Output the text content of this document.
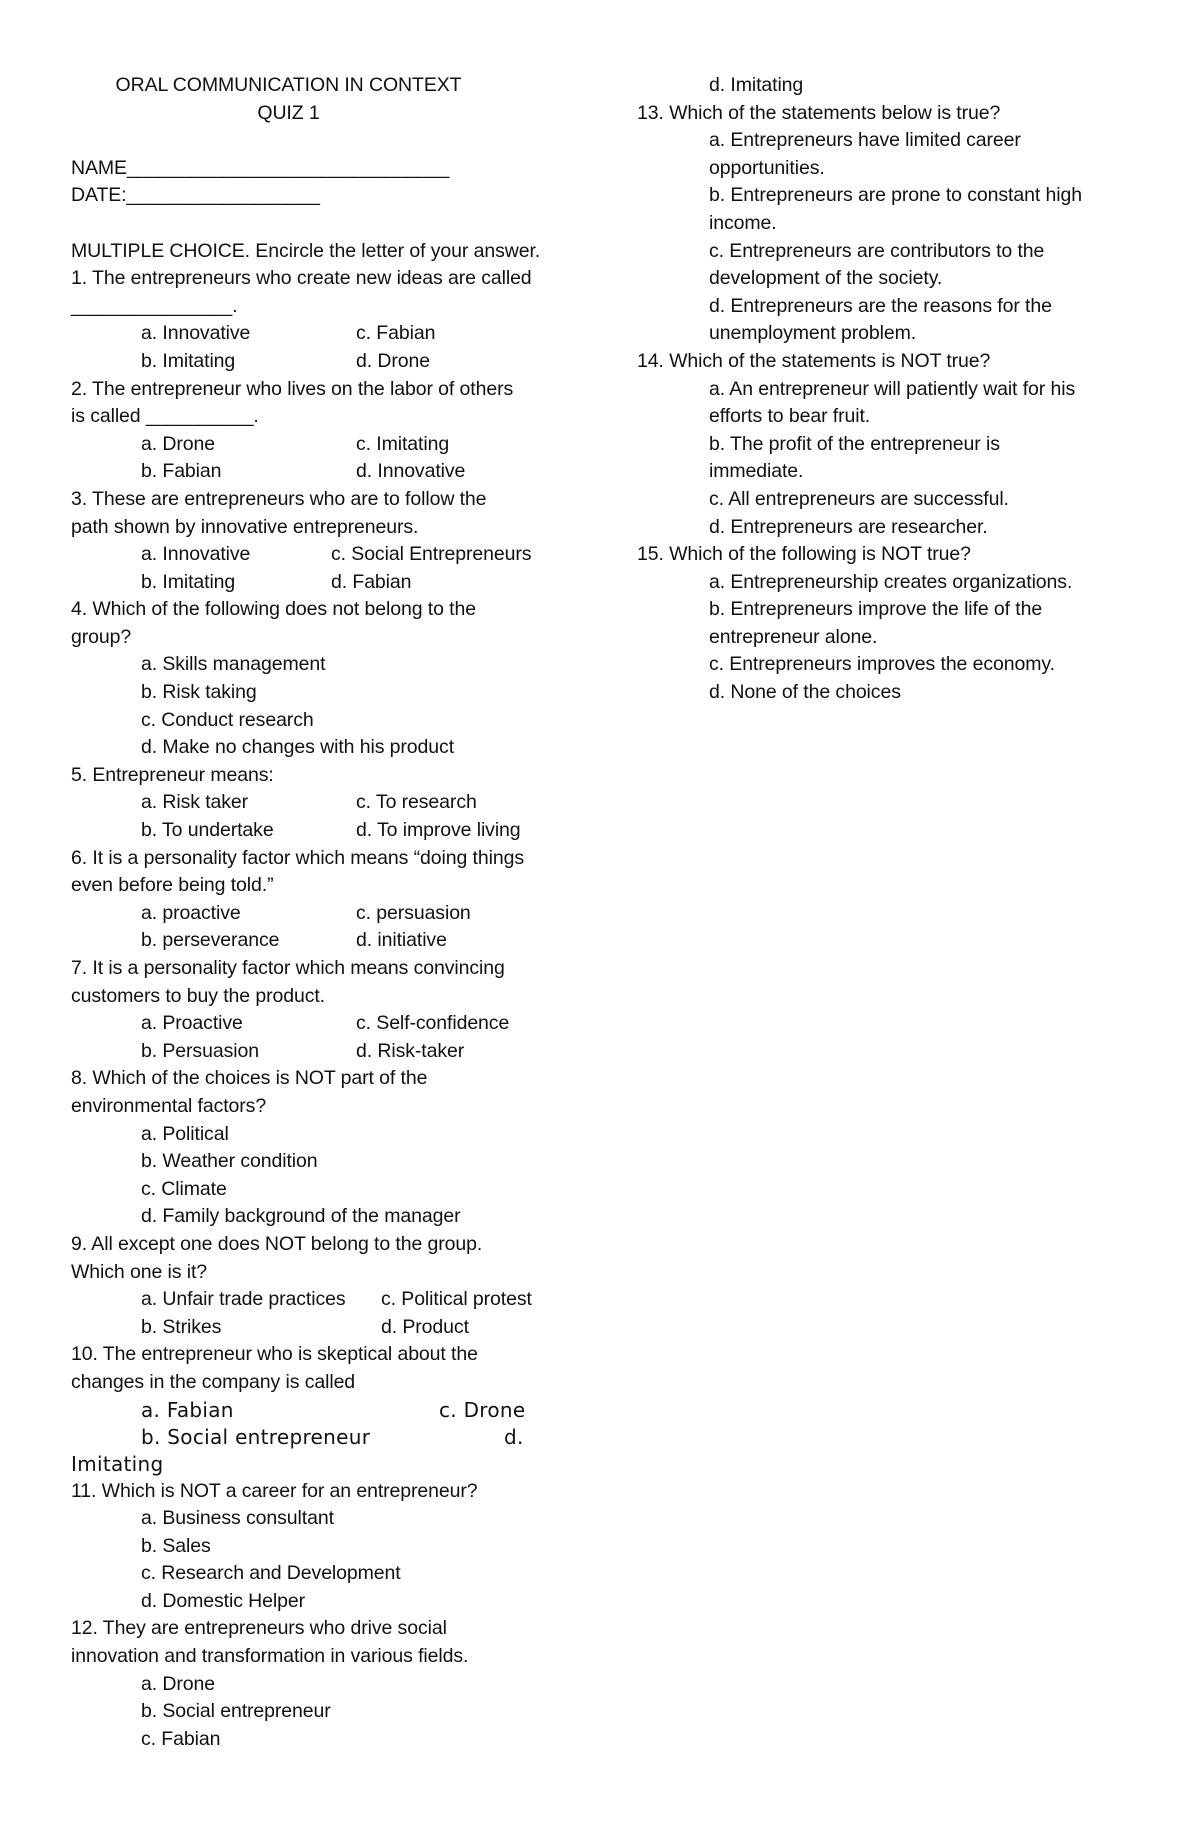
ORAL COMMUNICATION IN CONTEXT
QUIZ 1
NAME______________________________
DATE:__________________
MULTIPLE CHOICE. Encircle the letter of your answer.
1. The entrepreneurs who create new ideas are called
_______________.
a. Innovative	c. Fabian
b. Imitating	d. Drone
2. The entrepreneur who lives on the labor of others
is called __________.
a. Drone	c. Imitating
b. Fabian	d. Innovative
3. These are entrepreneurs who are to follow the
path shown by innovative entrepreneurs.
a. Innovative	c. Social Entrepreneurs
b. Imitating	d. Fabian
4. Which of the following does not belong to the
group?
a. Skills management
b. Risk taking
c. Conduct research
d. Make no changes with his product
5. Entrepreneur means:
a. Risk taker	c. To research
b. To undertake	d. To improve living
6. It is a personality factor which means “doing things
even before being told.”
a. proactive	c. persuasion
b. perseverance	d. initiative
7. It is a personality factor which means convincing
customers to buy the product.
a. Proactive	c. Self-confidence
b. Persuasion	d. Risk-taker
8. Which of the choices is NOT part of the
environmental factors?
a. Political
b. Weather condition
c. Climate
d. Family background of the manager
9. All except one does NOT belong to the group.
Which one is it?
a. Unfair trade practices	c. Political protest
b. Strikes	d. Product
10. The entrepreneur who is skeptical about the
changes in the company is called
a. Fabian	c. Drone
b. Social entrepreneur	d.
Imitating
11. Which is NOT a career for an entrepreneur?
a. Business consultant
b. Sales
c. Research and Development
d. Domestic Helper
12. They are entrepreneurs who drive social
innovation and transformation in various fields.
a. Drone
b. Social entrepreneur
c. Fabian
d. Imitating
13. Which of the statements below is true?
a. Entrepreneurs have limited career
opportunities.
b. Entrepreneurs are prone to constant high
income.
c. Entrepreneurs are contributors to the
development of the society.
d. Entrepreneurs are the reasons for the
unemployment problem.
14. Which of the statements is NOT true?
a. An entrepreneur will patiently wait for his
efforts to bear fruit.
b. The profit of the entrepreneur is
immediate.
c. All entrepreneurs are successful.
d. Entrepreneurs are researcher.
15. Which of the following is NOT true?
a. Entrepreneurship creates organizations.
b. Entrepreneurs improve the life of the
entrepreneur alone.
c. Entrepreneurs improves the economy.
d. None of the choices
